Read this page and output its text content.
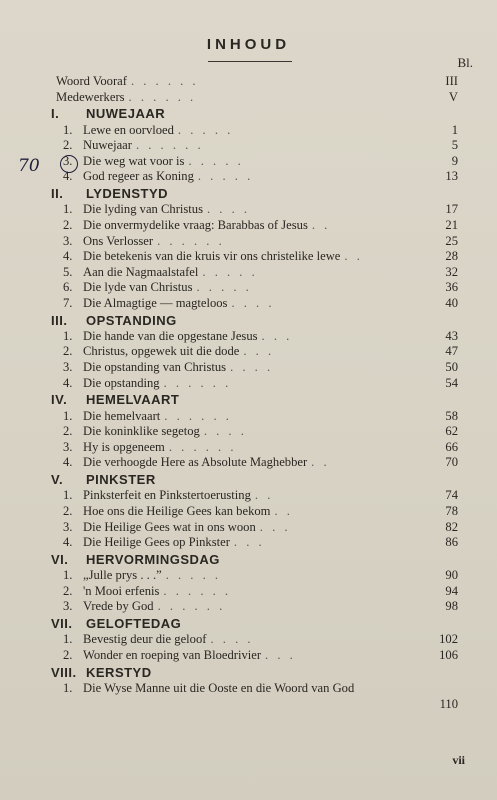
INHOUD
Bl.
70
Woord Vooraf . . . . . .	III
Medewerkers . . . . . .	V
I. NUWEJAAR
1. Lewe en oorvloed . . . . .	1
2. Nuwejaar . . . . . .	5
3. Die weg wat voor is . . . . .	9
4. God regeer as Koning . . . . .	13
II. LYDENSTYD
1. Die lyding van Christus . . . .	17
2. Die onvermydelike vraag: Barabbas of Jesus . .	21
3. Ons Verlosser . . . . . .	25
4. Die betekenis van die kruis vir ons christelike lewe . .	28
5. Aan die Nagmaalstafel . . . . .	32
6. Die lyde van Christus . . . . .	36
7. Die Almagtige — magteloos . . . .	40
III. OPSTANDING
1. Die hande van die opgestane Jesus . . .	43
2. Christus, opgewek uit die dode . . .	47
3. Die opstanding van Christus . . . .	50
4. Die opstanding . . . . . .	54
IV. HEMELVAART
1. Die hemelvaart . . . . . .	58
2. Die koninklike segetog . . . .	62
3. Hy is opgeneem . . . . . .	66
4. Die verhoogde Here as Absolute Maghebber . .	70
V. PINKSTER
1. Pinksterfeit en Pinkstertoerusting . .	74
2. Hoe ons die Heilige Gees kan bekom . .	78
3. Die Heilige Gees wat in ons woon . . .	82
4. Die Heilige Gees op Pinkster . . .	86
VI. HERVORMINGSDAG
1. „Julle prys . . .” . . . . .	90
2. 'n Mooi erfenis . . . . . .	94
3. Vrede by God . . . . . .	98
VII. GELOFTEDAG
1. Bevestig deur die geloof . . . .	102
2. Wonder en roeping van Bloedrivier . . .	106
VIII. KERSTYD
1. Die Wyse Manne uit die Ooste en die Woord van God
110
vii
